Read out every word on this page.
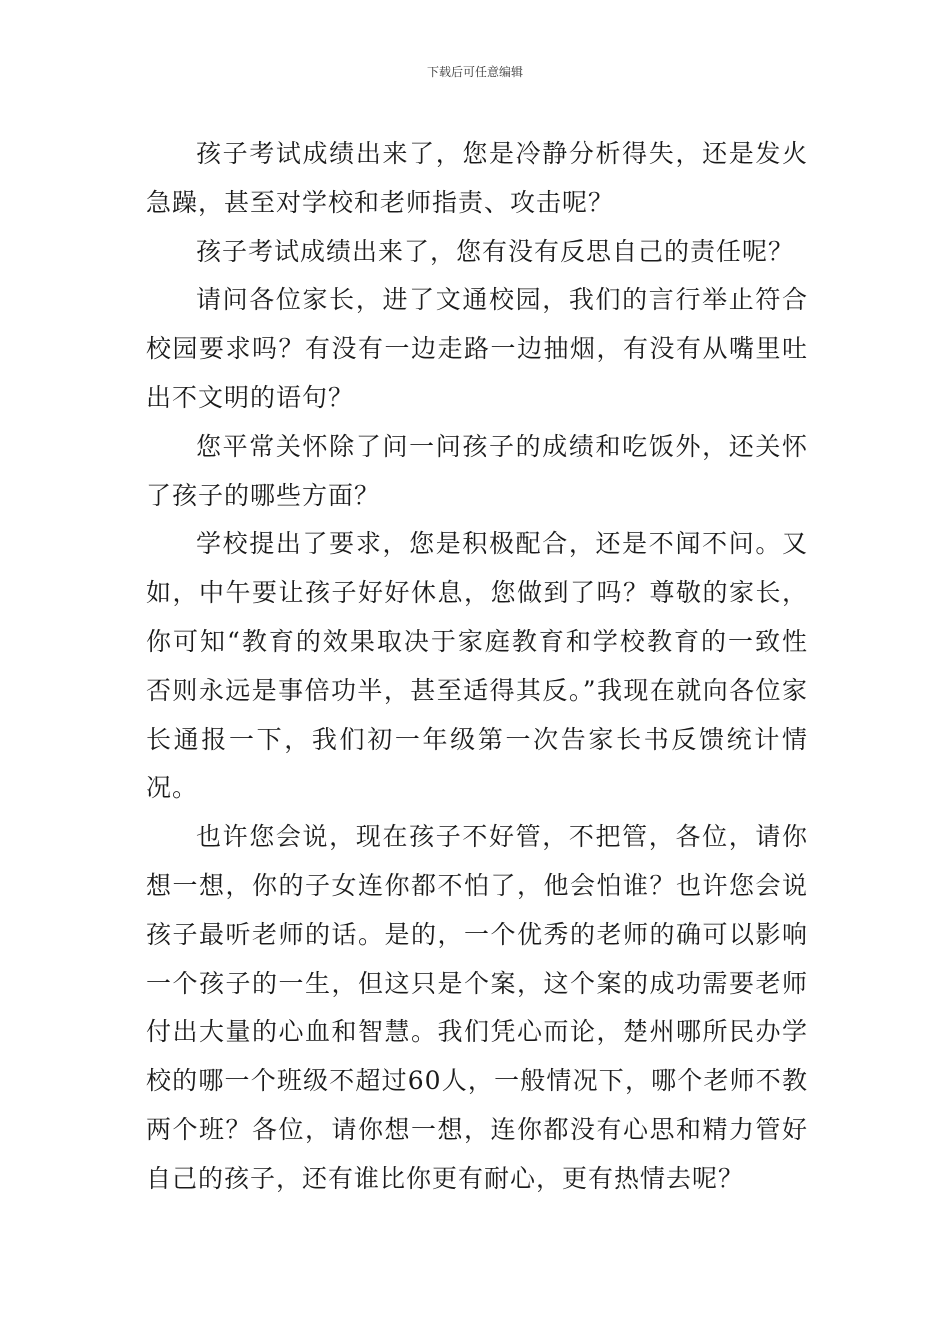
下载后可任意编辑

孩子考试成绩出来了，您是冷静分析得失，还是发火急躁，甚至对学校和老师指责、攻击呢？

孩子考试成绩出来了，您有没有反思自己的责任呢？

请问各位家长，进了文通校园，我们的言行举止符合校园要求吗？有没有一边走路一边抽烟，有没有从嘴里吐出不文明的语句？

您平常关怀除了问一问孩子的成绩和吃饭外，还关怀了孩子的哪些方面？

学校提出了要求，您是积极配合，还是不闻不问。又如，中午要让孩子好好休息，您做到了吗？尊敬的家长，你可知“教育的效果取决于家庭教育和学校教育的一致性否则永远是事倍功半，甚至适得其反。”我现在就向各位家长通报一下，我们初一年级第一次告家长书反馈统计情况。

也许您会说，现在孩子不好管，不把管，各位，请你想一想，你的子女连你都不怕了，他会怕谁？也许您会说孩子最听老师的话。是的，一个优秀的老师的确可以影响一个孩子的一生，但这只是个案，这个案的成功需要老师付出大量的心血和智慧。我们凭心而论，楚州哪所民办学校的哪一个班级不超过60人，一般情况下，哪个老师不教两个班？各位，请你想一想，连你都没有心思和精力管好自己的孩子，还有谁比你更有耐心，更有热情去呢？
